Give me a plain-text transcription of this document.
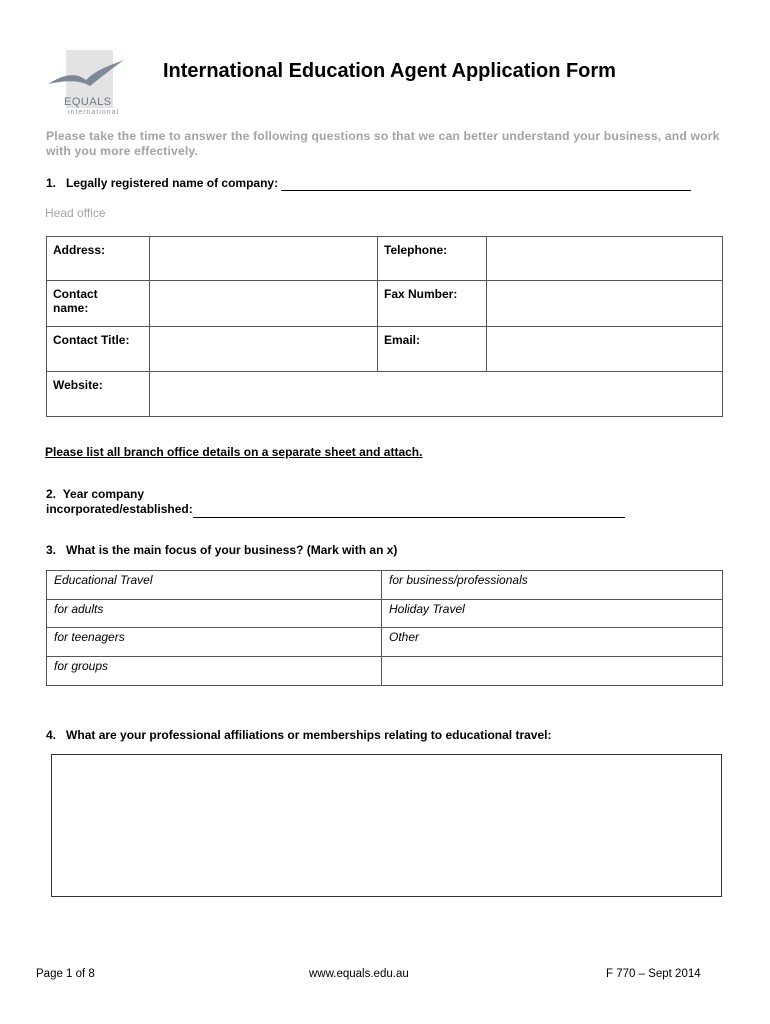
EQUALS
international
International Education Agent Application Form
Please take the time to answer the following questions so that we can better understand your business, and work with you more effectively.
1. Legally registered name of company:
Head office
Address:		Telephone:	

Contact name:		Fax Number:	

Contact Title:		Email:	

Website:			

Please list all branch office details on a separate sheet and attach.
2. Year company
incorporated/established:
3. What is the main focus of your business? (Mark with an x)
Educational Travel	for business/professionals

for adults	Holiday Travel

for teenagers	Other

for groups	

4. What are your professional affiliations or memberships relating to educational travel:
Page 1 of 8	www.equals.edu.au	F 770 – Sept 2014
